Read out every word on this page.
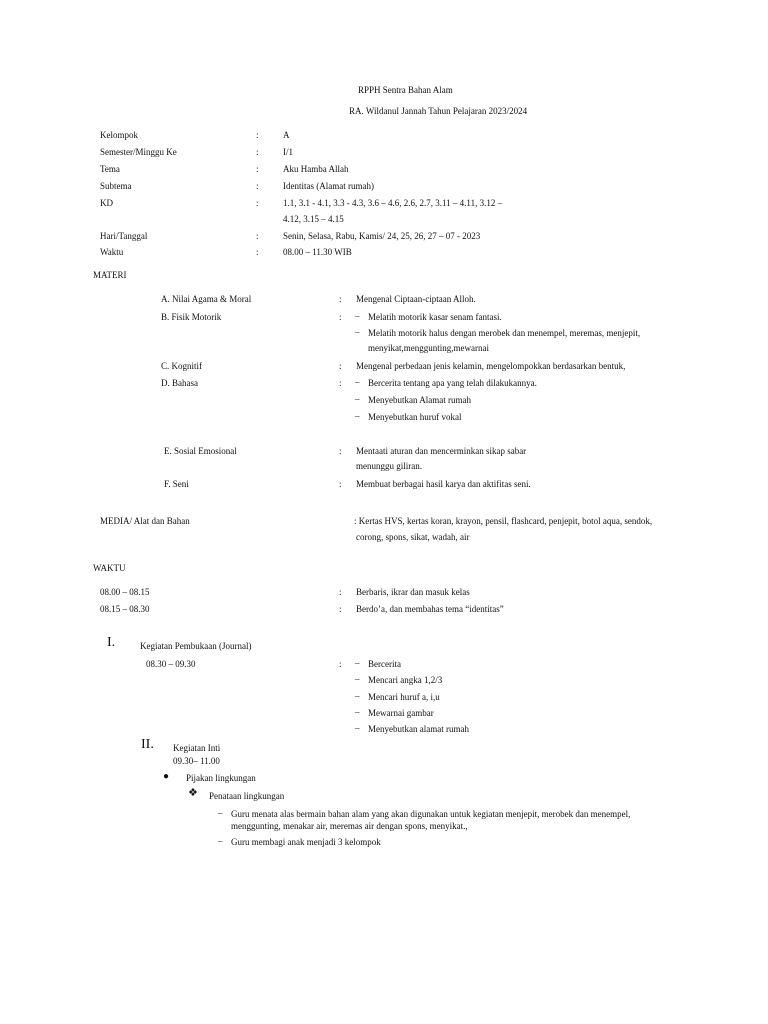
RPPH Sentra Bahan Alam
RA. Wildanul Jannah Tahun Pelajaran 2023/2024
Kelompok	:	A
Semester/Minggu Ke	:	I/1
Tema	:	Aku Hamba Allah
Subtema	:	Identitas (Alamat rumah)
KD	:	1.1, 3.1 - 4.1, 3.3 - 4.3, 3.6 – 4.6, 2.6, 2.7, 3.11 – 4.11, 3.12 –
4.12, 3.15 – 4.15
Hari/Tanggal	:	Senin, Selasa, Rabu, Kamis/ 24, 25, 26, 27 – 07 - 2023
Waktu	:	08.00 – 11.30 WIB
MATERI
A. Nilai Agama & Moral	: Mengenal Ciptaan-ciptaan Alloh.
B. Fisik Motorik	:	– Melatih motorik kasar senam fantasi.
– Melatih motorik halus dengan merobek dan menempel, meremas, menjepit,
menyikat,menggunting,mewarnai
C. Kognitif	: Mengenal perbedaan jenis kelamin, mengelompokkan berdasarkan bentuk,
D. Bahasa	:	– Bercerita tentang apa yang telah dilakukannya.
– Menyebutkan Alamat rumah
– Menyebutkan huruf vokal
E. Sosial Emosional	: Mentaati aturan dan mencerminkan sikap sabar
menunggu giliran.
F. Seni	: Membuat berbagai hasil karya dan aktifitas seni.
MEDIA/ Alat dan Bahan	: Kertas HVS, kertas koran, krayon, pensil, flashcard, penjepit, botol aqua, sendok,
corong, spons, sikat, wadah, air
WAKTU
08.00 – 08.15	: Berbaris, ikrar dan masuk kelas
08.15 – 08.30	: Berdo’a, dan membahas tema “identitas”
I.	Kegiatan Pembukaan (Journal)
08.30 – 09.30	:	– Bercerita
– Mencari angka 1,2/3
– Mencari huruf a, i,u
– Mewarnai gambar
– Menyebutkan alamat rumah
II. Kegiatan Inti
09.30– 11.00
● Pijakan lingkungan
❖ Penataan lingkungan
– Guru menata alas bermain bahan alam yang akan digunakan untuk kegiatan menjepit, merobek dan menempel,
menggunting, menakar air, meremas air dengan spons, menyikat.,
– Guru membagi anak menjadi 3 kelompok
